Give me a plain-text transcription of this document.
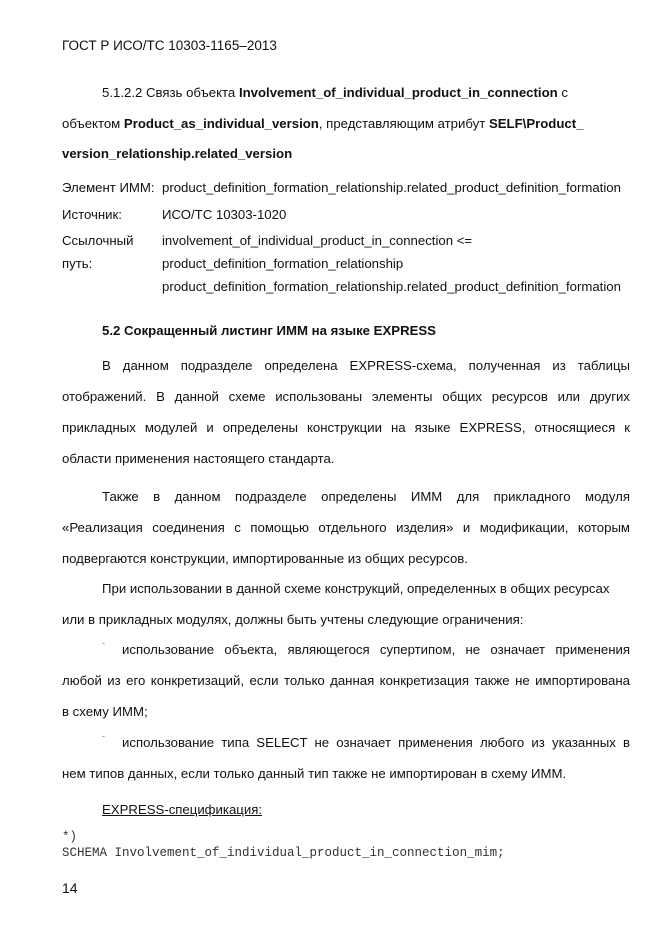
ГОСТ Р ИСО/ТС 10303-1165–2013
5.1.2.2 Связь объекта Involvement_of_individual_product_in_connection с
объектом Product_as_individual_version, представляющим атрибут SELF\Product_
version_relationship.related_version
Элемент ИММ: product_definition_formation_relationship.related_product_definition_formation
Источник:	ИСО/ТС 10303-1020
Ссылочный
путь:
involvement_of_individual_product_in_connection <=
product_definition_formation_relationship
product_definition_formation_relationship.related_product_definition_formation
5.2 Сокращенный листинг ИММ на языке EXPRESS
В данном подразделе определена EXPRESS-схема, полученная из таблицы
отображений. В данной схеме использованы элементы общих ресурсов или других
прикладных модулей и определены конструкции на языке EXPRESS, относящиеся к
области применения настоящего стандарта.
Также в данном подразделе определены ИММ для прикладного модуля
«Реализация соединения с помощью отдельного изделия» и модификации, которым
подвергаются конструкции, импортированные из общих ресурсов.
При использовании в данной схеме конструкций, определенных в общих ресурсах
или в прикладных модулях, должны быть учтены следующие ограничения:
-	использование объекта, являющегося супертипом, не означает применения
любой из его конкретизаций, если только данная конкретизация также не импортирована
в схему ИММ;
-	использование типа SELECT не означает применения любого из указанных в
нем типов данных, если только данный тип также не импортирован в схему ИММ.
EXPRESS-спецификация:
*)
SCHEMA Involvement_of_individual_product_in_connection_mim;
14
